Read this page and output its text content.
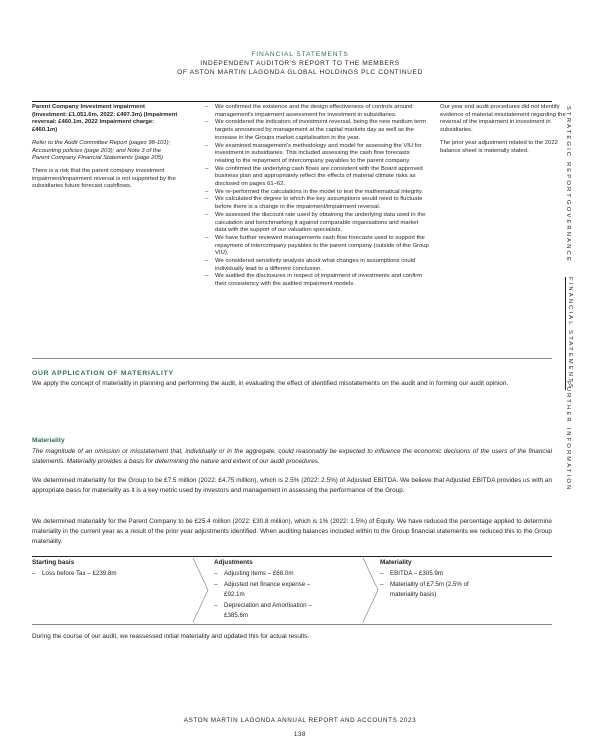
FINANCIAL STATEMENTS
INDEPENDENT AUDITOR'S REPORT TO THE MEMBERS
OF ASTON MARTIN LAGONDA GLOBAL HOLDINGS PLC CONTINUED
Parent Company Investment impairment (Investment: £1,051.6m, 2022: £497.3m) (Impairment reversal: £460.1m, 2022 Impairment charge: £460.1m)
Refer to the Audit Committee Report (pages 98-101); Accounting policies (page 203); and Note 3 of the Parent Company Financial Statements (page 205)
There is a risk that the parent company investment impairment/impairment reversal is not supported by the subsidiaries future forecast cashflows.
– We confirmed the existence and the design effectiveness of controls around management's impairment assessment for investment in subsidiaries.
– We considered the indicators of investment reversal, being the new medium term targets announced by management at the capital markets day as well as the increase in the Groups market capitalisation in the year.
– We examined management's methodology and model for assessing the VIU for investment in subsidiaries. This included assessing the cash flow forecasts relating to the repayment of intercompany payables to the parent company.
– We confirmed the underlying cash flows are consistent with the Board approved business plan and appropriately reflect the effects of material climate risks as disclosed on pages 61–62.
– We re-performed the calculations in the model to test the mathematical integrity.
– We calculated the degree to which the key assumptions would need to fluctuate before there is a change in the impairment/impairment reversal.
– We assessed the discount rate used by obtaining the underlying data used in the calculation and benchmarking it against comparable organisations and market data with the support of our valuation specialists.
– We have further reviewed managements cash flow forecasts used to support the repayment of intercompany payables to the parent company (outside of the Group VIU).
– We considered sensitivity analysis about what changes in assumptions could individually lead to a different conclusion.
– We audited the disclosures in respect of impairment of investments and confirm their consistency with the audited impairment models.
Our year end audit procedures did not identify evidence of material misstatement regarding the reversal of the impairment in investment in subsidiaries.
The prior year adjustment related to the 2022 balance sheet is materially stated.
OUR APPLICATION OF MATERIALITY
We apply the concept of materiality in planning and performing the audit, in evaluating the effect of identified misstatements on the audit and in forming our audit opinion.
Materiality
The magnitude of an omission or misstatement that, individually or in the aggregate, could reasonably be expected to influence the economic decisions of the users of the financial statements. Materiality provides a basis for determining the nature and extent of our audit procedures.
We determined materiality for the Group to be £7.5 million (2022: £4.75 million), which is 2.5% (2022: 2.5%) of Adjusted EBITDA. We believe that Adjusted EBITDA provides us with an appropriate basis for materiality as it is a key metric used by investors and management in assessing the performance of the Group.
We determined materiality for the Parent Company to be £25.4 million (2022: £30.8 million), which is 1% (2022: 1.5%) of Equity. We have reduced the percentage applied to determine materiality in the current year as a result of the prior year adjustments identified. When auditing balances included within to the Group financial statements we reduced this to the Group materiality.
Starting basis
– Loss before Tax – £239.8m
Adjustments
– Adjusting items – £68.0m
– Adjusted net finance expense – £92.1m
– Depreciation and Amortisation – £385.6m
Materiality
– EBITDA – £305.9m
– Materiality of £7.5m (2.5% of materiality basis)
During the course of our audit, we reassessed initial materiality and updated this for actual results.
STRATEGIC REPORT
GOVERNANCE
FINANCIAL STATEMENTS
FURTHER INFORMATION
ASTON MARTIN LAGONDA ANNUAL REPORT AND ACCOUNTS 2023
138
